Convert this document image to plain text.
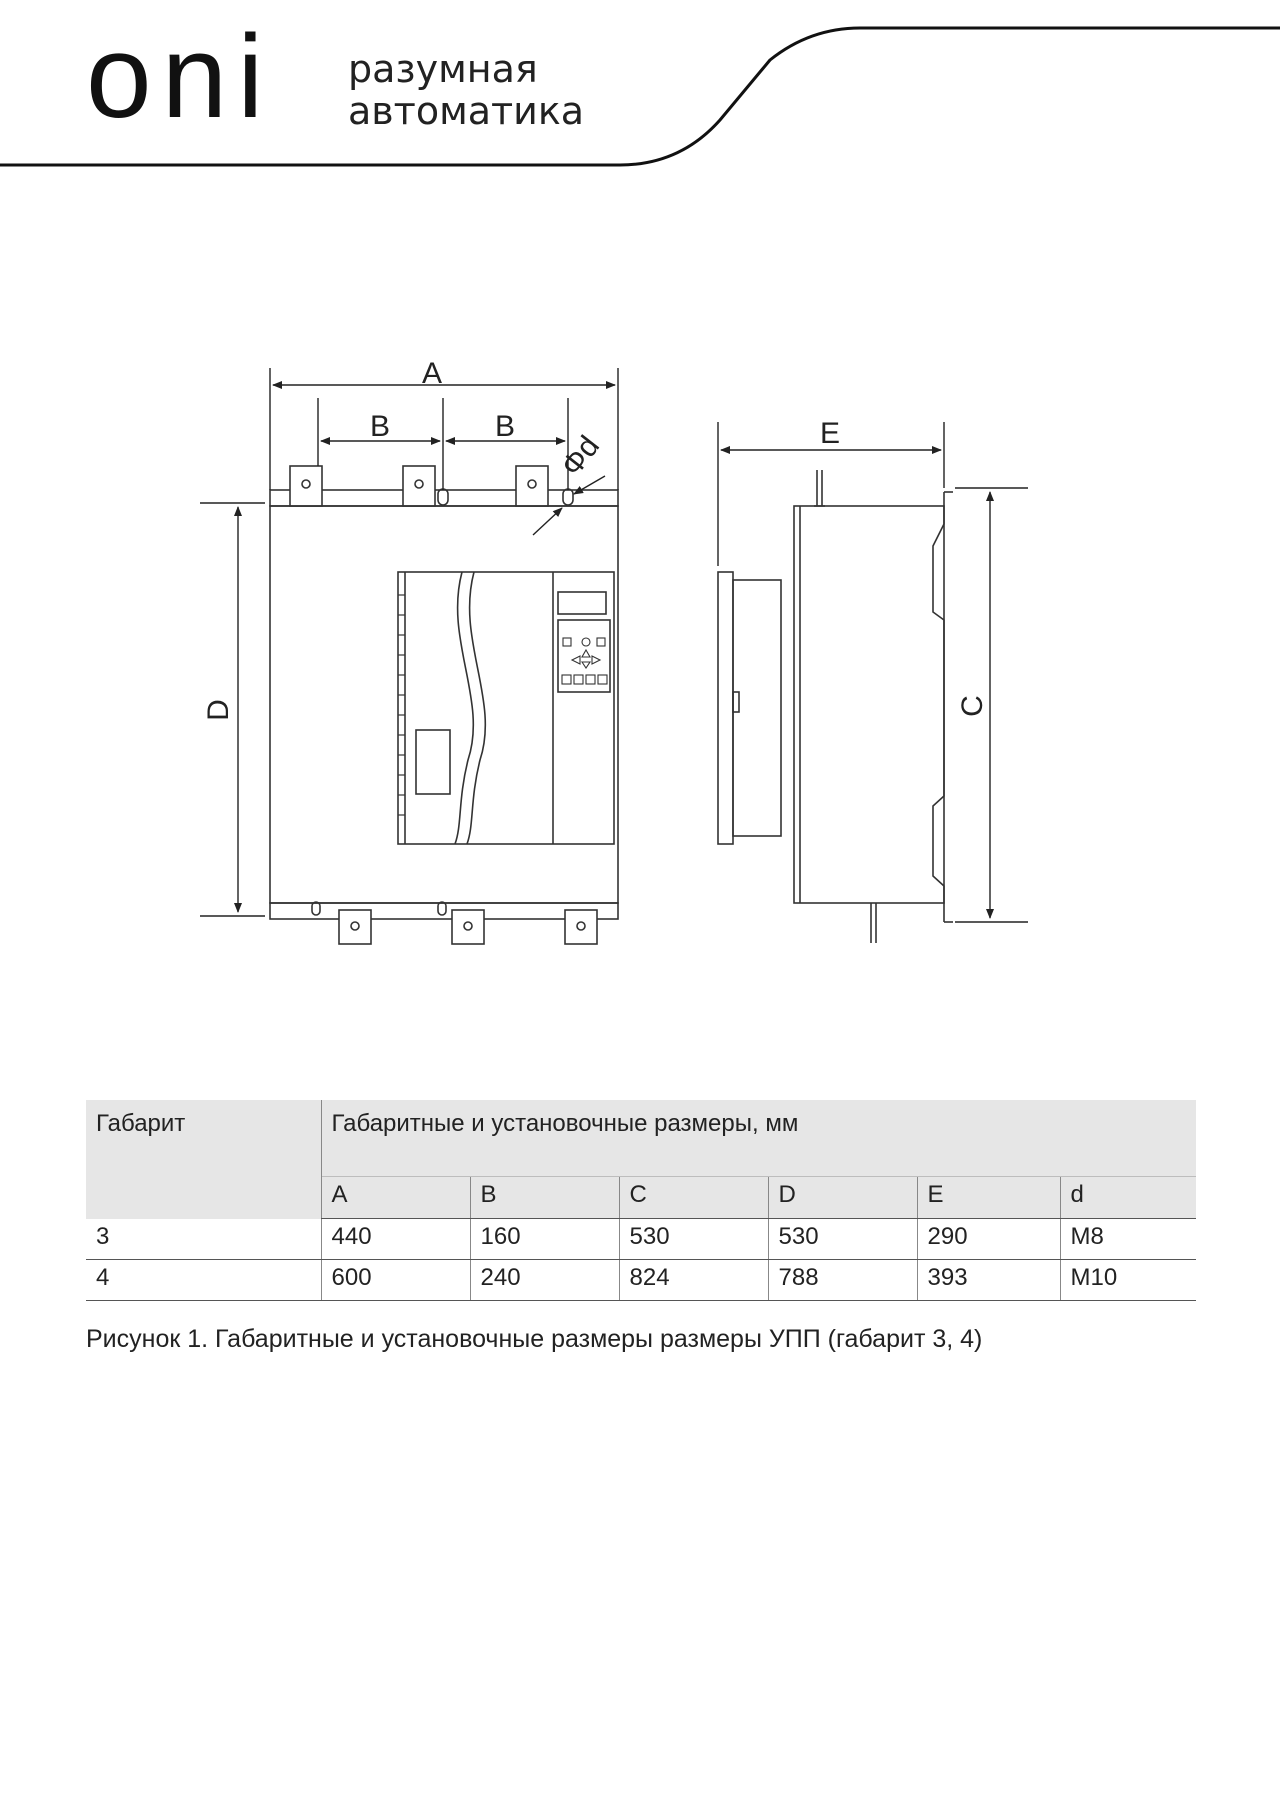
oni разумная
автоматика
A
B	B
D
Φd	E
C
Габарит	Габаритные и установочные размеры, мм					
	A	B	C	D	E	d
3	440	160	530	530	290	M8
4	600	240	824	788	393	M10
Рисунок 1. Габаритные и установочные размеры размеры УПП (габарит 3, 4)
